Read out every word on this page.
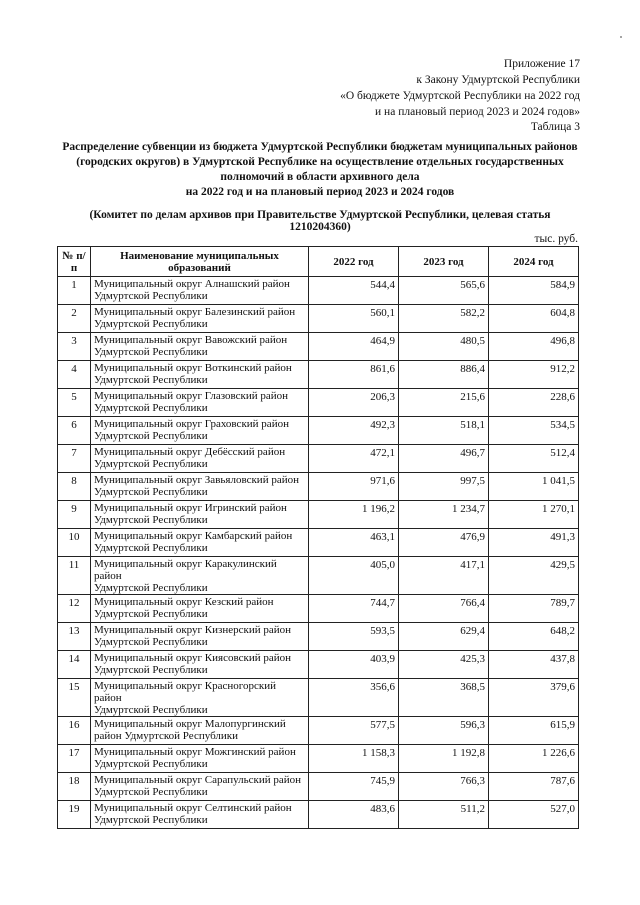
Приложение 17
к Закону Удмуртской Республики
«О бюджете Удмуртской Республики на 2022 год
и на плановый период 2023 и 2024 годов»
Таблица 3
Распределение субвенции из бюджета Удмуртской Республики бюджетам муниципальных районов
(городских округов) в Удмуртской Республике на осуществление отдельных государственных
полномочий в области архивного дела
на 2022 год и на плановый период 2023 и 2024 годов
(Комитет по делам архивов при Правительстве Удмуртской Республики, целевая статья 1210204360)
тыс. руб.
№ п/п	Наименование муниципальных
образований	2022 год	2023 год	2024 год
1	Муниципальный округ Алнашский район
Удмуртской Республики	544,4	565,6	584,9
2	Муниципальный округ Балезинский район
Удмуртской Республики	560,1	582,2	604,8
3	Муниципальный округ Вавожский район
Удмуртской Республики	464,9	480,5	496,8
4	Муниципальный округ Воткинский район
Удмуртской Республики	861,6	886,4	912,2
5	Муниципальный округ Глазовский район
Удмуртской Республики	206,3	215,6	228,6
6	Муниципальный округ Граховский район
Удмуртской Республики	492,3	518,1	534,5
7	Муниципальный округ Дебёсский район
Удмуртской Республики	472,1	496,7	512,4
8	Муниципальный округ Завьяловский район
Удмуртской Республики	971,6	997,5	1 041,5
9	Муниципальный округ Игринский район
Удмуртской Республики	1 196,2	1 234,7	1 270,1
10	Муниципальный округ Камбарский район
Удмуртской Республики	463,1	476,9	491,3
11	Муниципальный округ Каракулинский район
Удмуртской Республики	405,0	417,1	429,5
12	Муниципальный округ Кезский район
Удмуртской Республики	744,7	766,4	789,7
13	Муниципальный округ Кизнерский район
Удмуртской Республики	593,5	629,4	648,2
14	Муниципальный округ Киясовский район
Удмуртской Республики	403,9	425,3	437,8
15	Муниципальный округ Красногорский район
Удмуртской Республики	356,6	368,5	379,6
16	Муниципальный округ Малопургинский
район Удмуртской Республики	577,5	596,3	615,9
17	Муниципальный округ Можгинский район
Удмуртской Республики	1 158,3	1 192,8	1 226,6
18	Муниципальный округ Сарапульский район
Удмуртской Республики	745,9	766,3	787,6
19	Муниципальный округ Селтинский район
Удмуртской Республики	483,6	511,2	527,0
